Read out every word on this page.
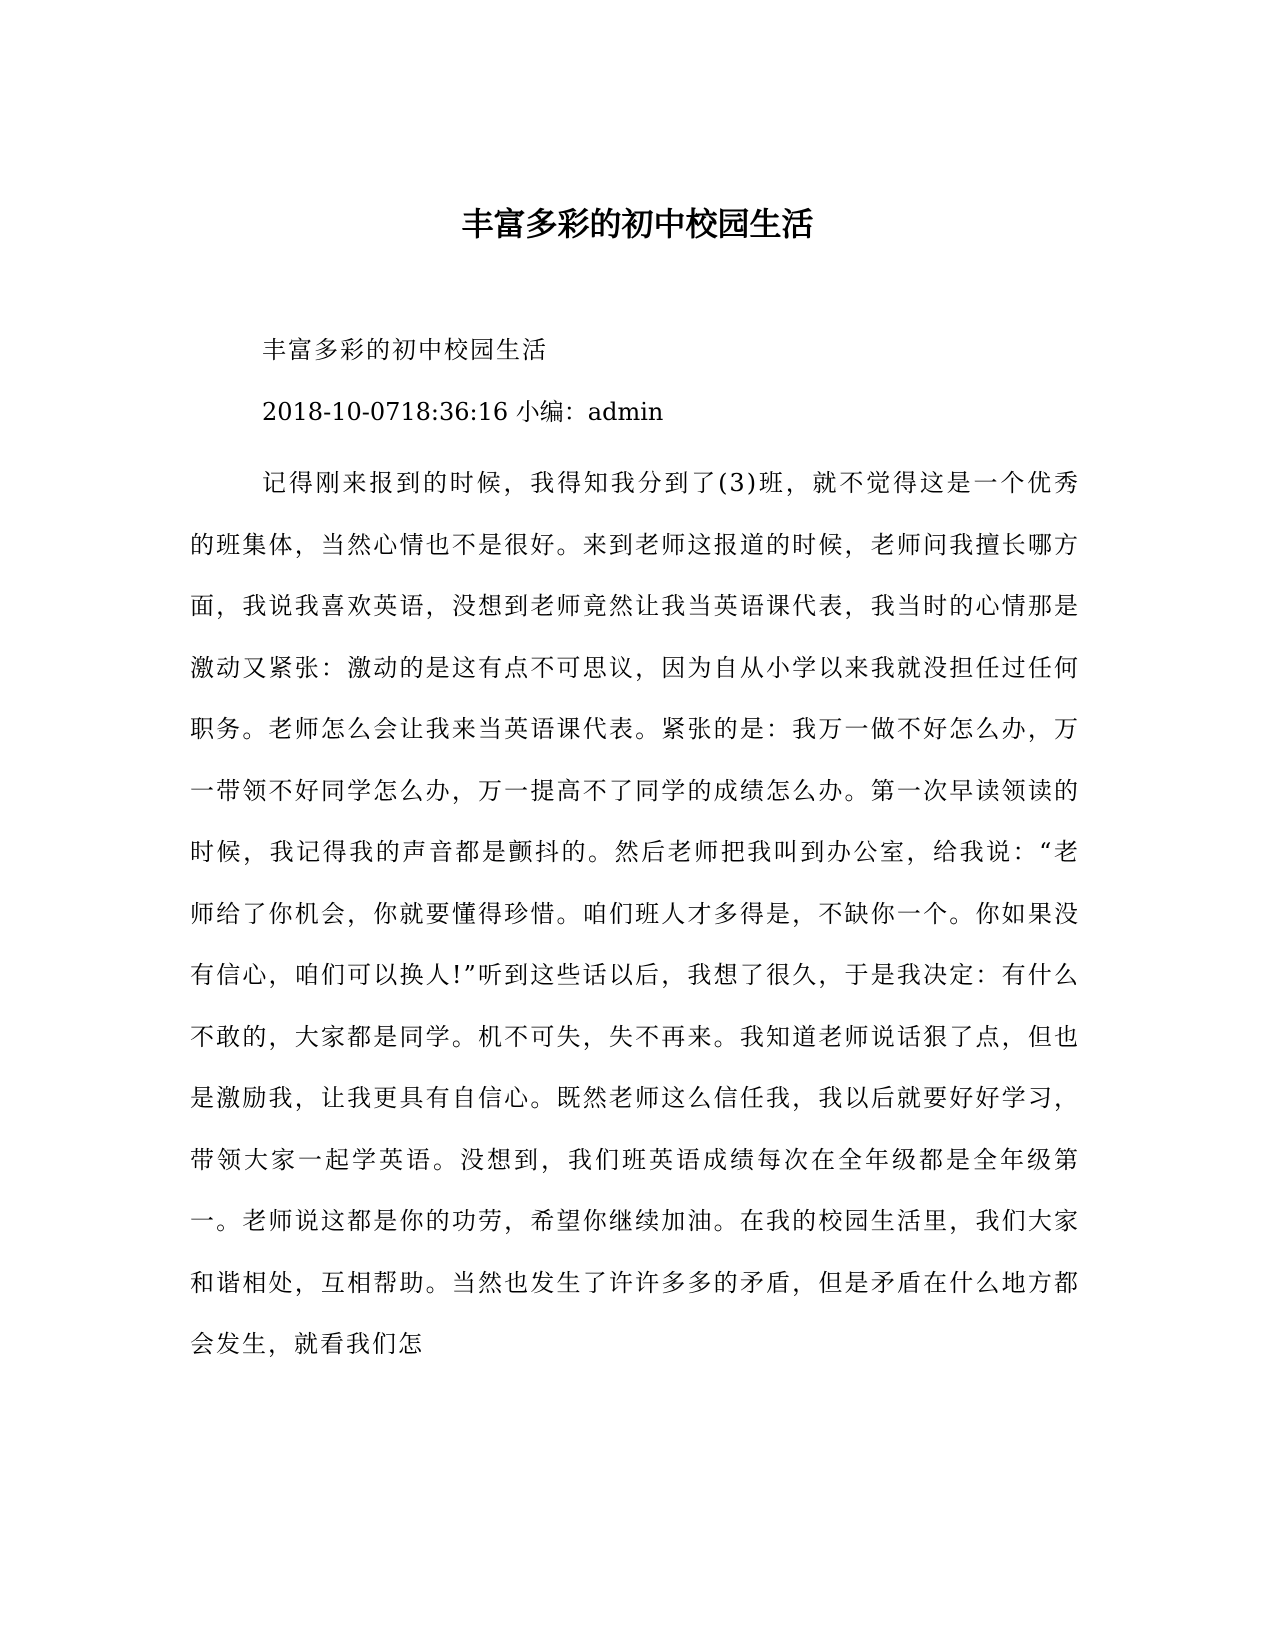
丰富多彩的初中校园生活

丰富多彩的初中校园生活

2018-10-0718:36:16 小编：admin

记得刚来报到的时候，我得知我分到了(3)班，就不觉得这是一个优秀的班集体，当然心情也不是很好。来到老师这报道的时候，老师问我擅长哪方面，我说我喜欢英语，没想到老师竟然让我当英语课代表，我当时的心情那是激动又紧张：激动的是这有点不可思议，因为自从小学以来我就没担任过任何职务。老师怎么会让我来当英语课代表。紧张的是：我万一做不好怎么办，万一带领不好同学怎么办，万一提高不了同学的成绩怎么办。第一次早读领读的时候，我记得我的声音都是颤抖的。然后老师把我叫到办公室，给我说：“老师给了你机会，你就要懂得珍惜。咱们班人才多得是，不缺你一个。你如果没有信心，咱们可以换人!”听到这些话以后，我想了很久，于是我决定：有什么不敢的，大家都是同学。机不可失，失不再来。我知道老师说话狠了点，但也是激励我，让我更具有自信心。既然老师这么信任我，我以后就要好好学习，带领大家一起学英语。没想到，我们班英语成绩每次在全年级都是全年级第一。老师说这都是你的功劳，希望你继续加油。在我的校园生活里，我们大家和谐相处，互相帮助。当然也发生了许许多多的矛盾，但是矛盾在什么地方都会发生，就看我们怎
